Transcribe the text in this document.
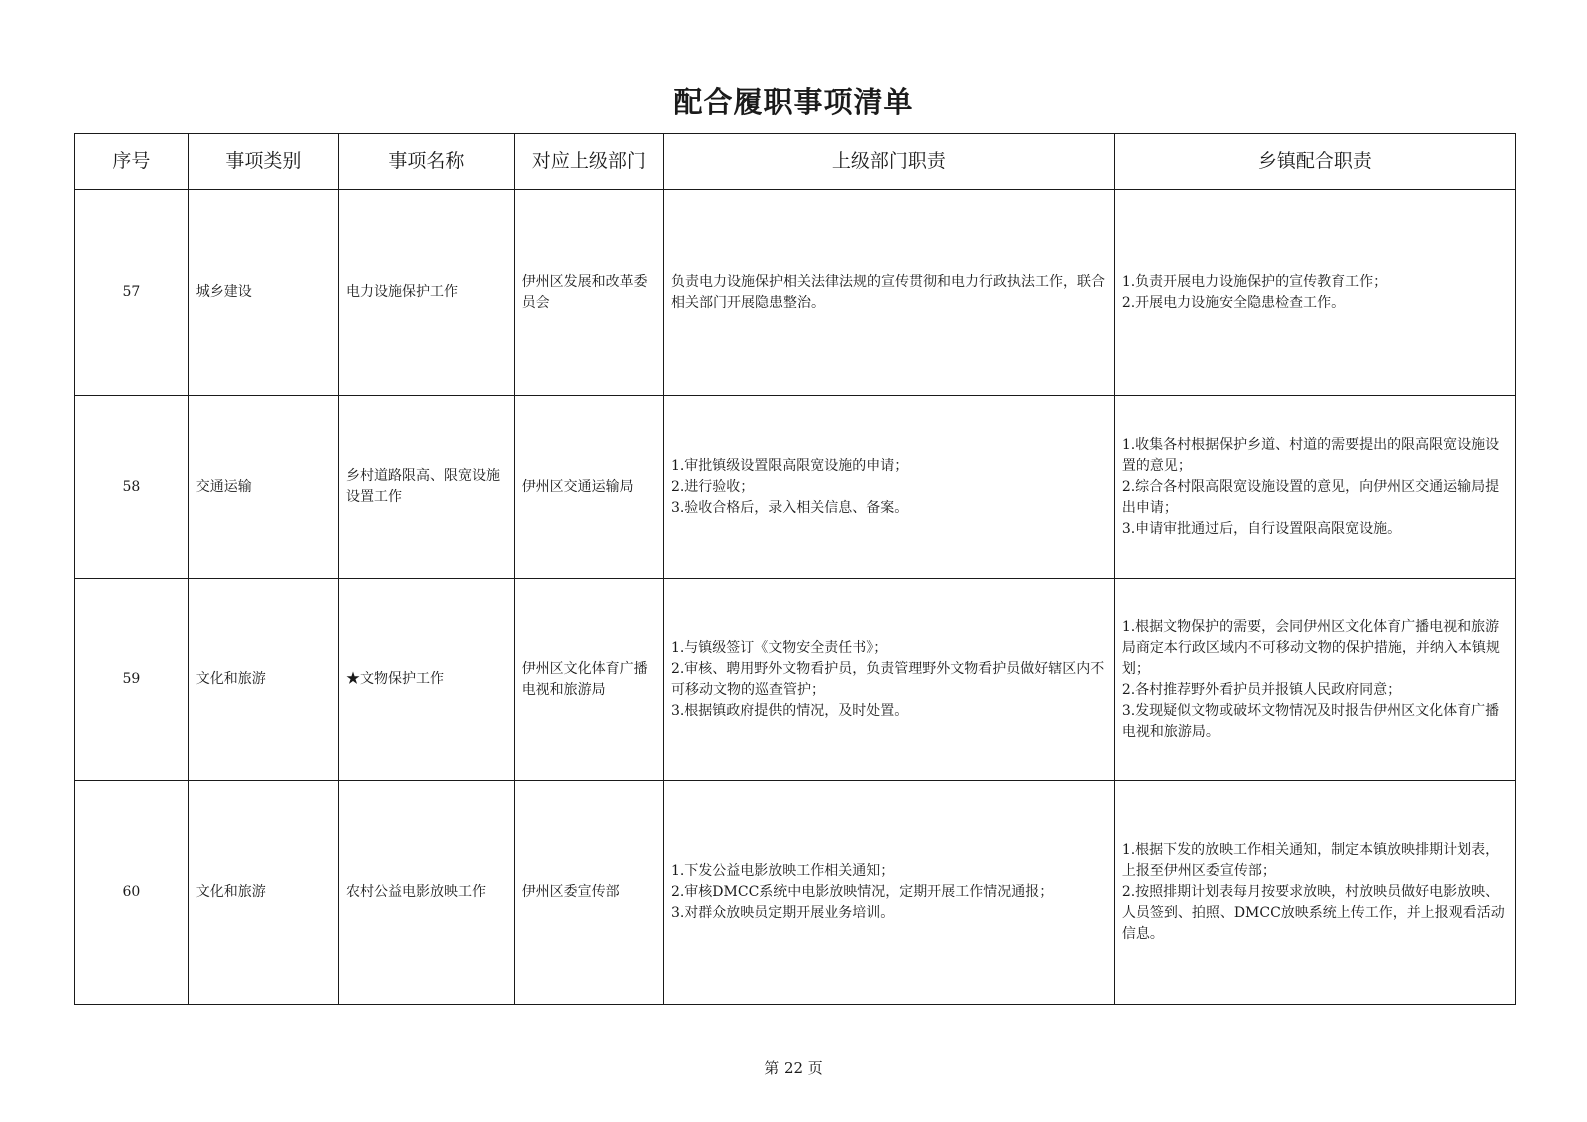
配合履职事项清单
序号	事项类别	事项名称	对应上级部门	上级部门职责	乡镇配合职责
57	城乡建设	电力设施保护工作	伊州区发展和改革委员会	负责电力设施保护相关法律法规的宣传贯彻和电力行政执法工作，联合相关部门开展隐患整治。	1.负责开展电力设施保护的宣传教育工作；
2.开展电力设施安全隐患检查工作。

58	交通运输	乡村道路限高、限宽设施设置工作	伊州区交通运输局	1.审批镇级设置限高限宽设施的申请；
2.进行验收；
3.验收合格后，录入相关信息、备案。	1.收集各村根据保护乡道、村道的需要提出的限高限宽设施设置的意见；
2.综合各村限高限宽设施设置的意见，向伊州区交通运输局提出申请；
3.申请审批通过后，自行设置限高限宽设施。

59	文化和旅游	★文物保护工作	伊州区文化体育广播电视和旅游局	1.与镇级签订《文物安全责任书》；
2.审核、聘用野外文物看护员，负责管理野外文物看护员做好辖区内不可移动文物的巡查管护；
3.根据镇政府提供的情况，及时处置。	1.根据文物保护的需要，会同伊州区文化体育广播电视和旅游局商定本行政区域内不可移动文物的保护措施，并纳入本镇规划；
2.各村推荐野外看护员并报镇人民政府同意；
3.发现疑似文物或破坏文物情况及时报告伊州区文化体育广播电视和旅游局。

60	文化和旅游	农村公益电影放映工作	伊州区委宣传部	1.下发公益电影放映工作相关通知；
2.审核DMCC系统中电影放映情况，定期开展工作情况通报；
3.对群众放映员定期开展业务培训。	1.根据下发的放映工作相关通知，制定本镇放映排期计划表，上报至伊州区委宣传部；
2.按照排期计划表每月按要求放映，村放映员做好电影放映、人员签到、拍照、DMCC放映系统上传工作，并上报观看活动信息。
第 22 页
